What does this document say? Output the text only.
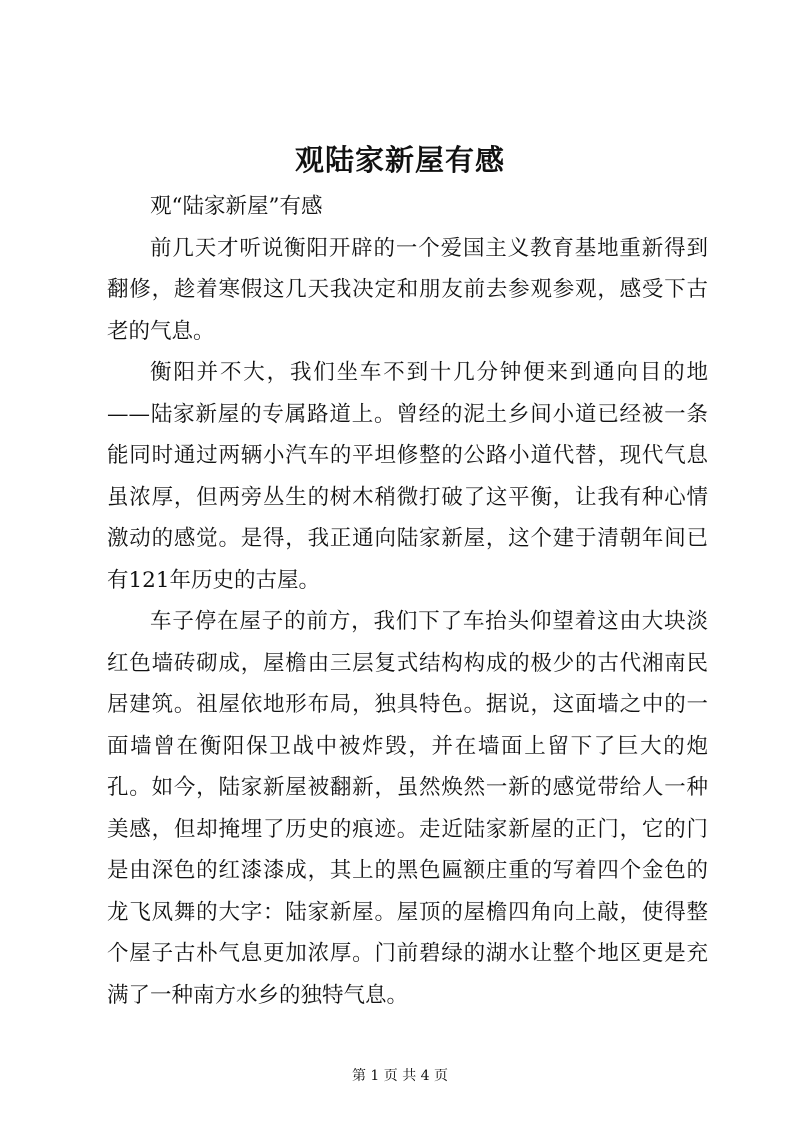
观陆家新屋有感

观“陆家新屋”有感

前几天才听说衡阳开辟的一个爱国主义教育基地重新得到翻修，趁着寒假这几天我决定和朋友前去参观参观，感受下古老的气息。

衡阳并不大，我们坐车不到十几分钟便来到通向目的地——陆家新屋的专属路道上。曾经的泥土乡间小道已经被一条能同时通过两辆小汽车的平坦修整的公路小道代替，现代气息虽浓厚，但两旁丛生的树木稍微打破了这平衡，让我有种心情激动的感觉。是得，我正通向陆家新屋，这个建于清朝年间已有121年历史的古屋。

车子停在屋子的前方，我们下了车抬头仰望着这由大块淡红色墙砖砌成，屋檐由三层复式结构构成的极少的古代湘南民居建筑。祖屋依地形布局，独具特色。据说，这面墙之中的一面墙曾在衡阳保卫战中被炸毁，并在墙面上留下了巨大的炮孔。如今，陆家新屋被翻新，虽然焕然一新的感觉带给人一种美感，但却掩埋了历史的痕迹。走近陆家新屋的正门，它的门是由深色的红漆漆成，其上的黑色匾额庄重的写着四个金色的龙飞凤舞的大字：陆家新屋。屋顶的屋檐四角向上敲，使得整个屋子古朴气息更加浓厚。门前碧绿的湖水让整个地区更是充满了一种南方水乡的独特气息。

第 1 页 共 4 页
